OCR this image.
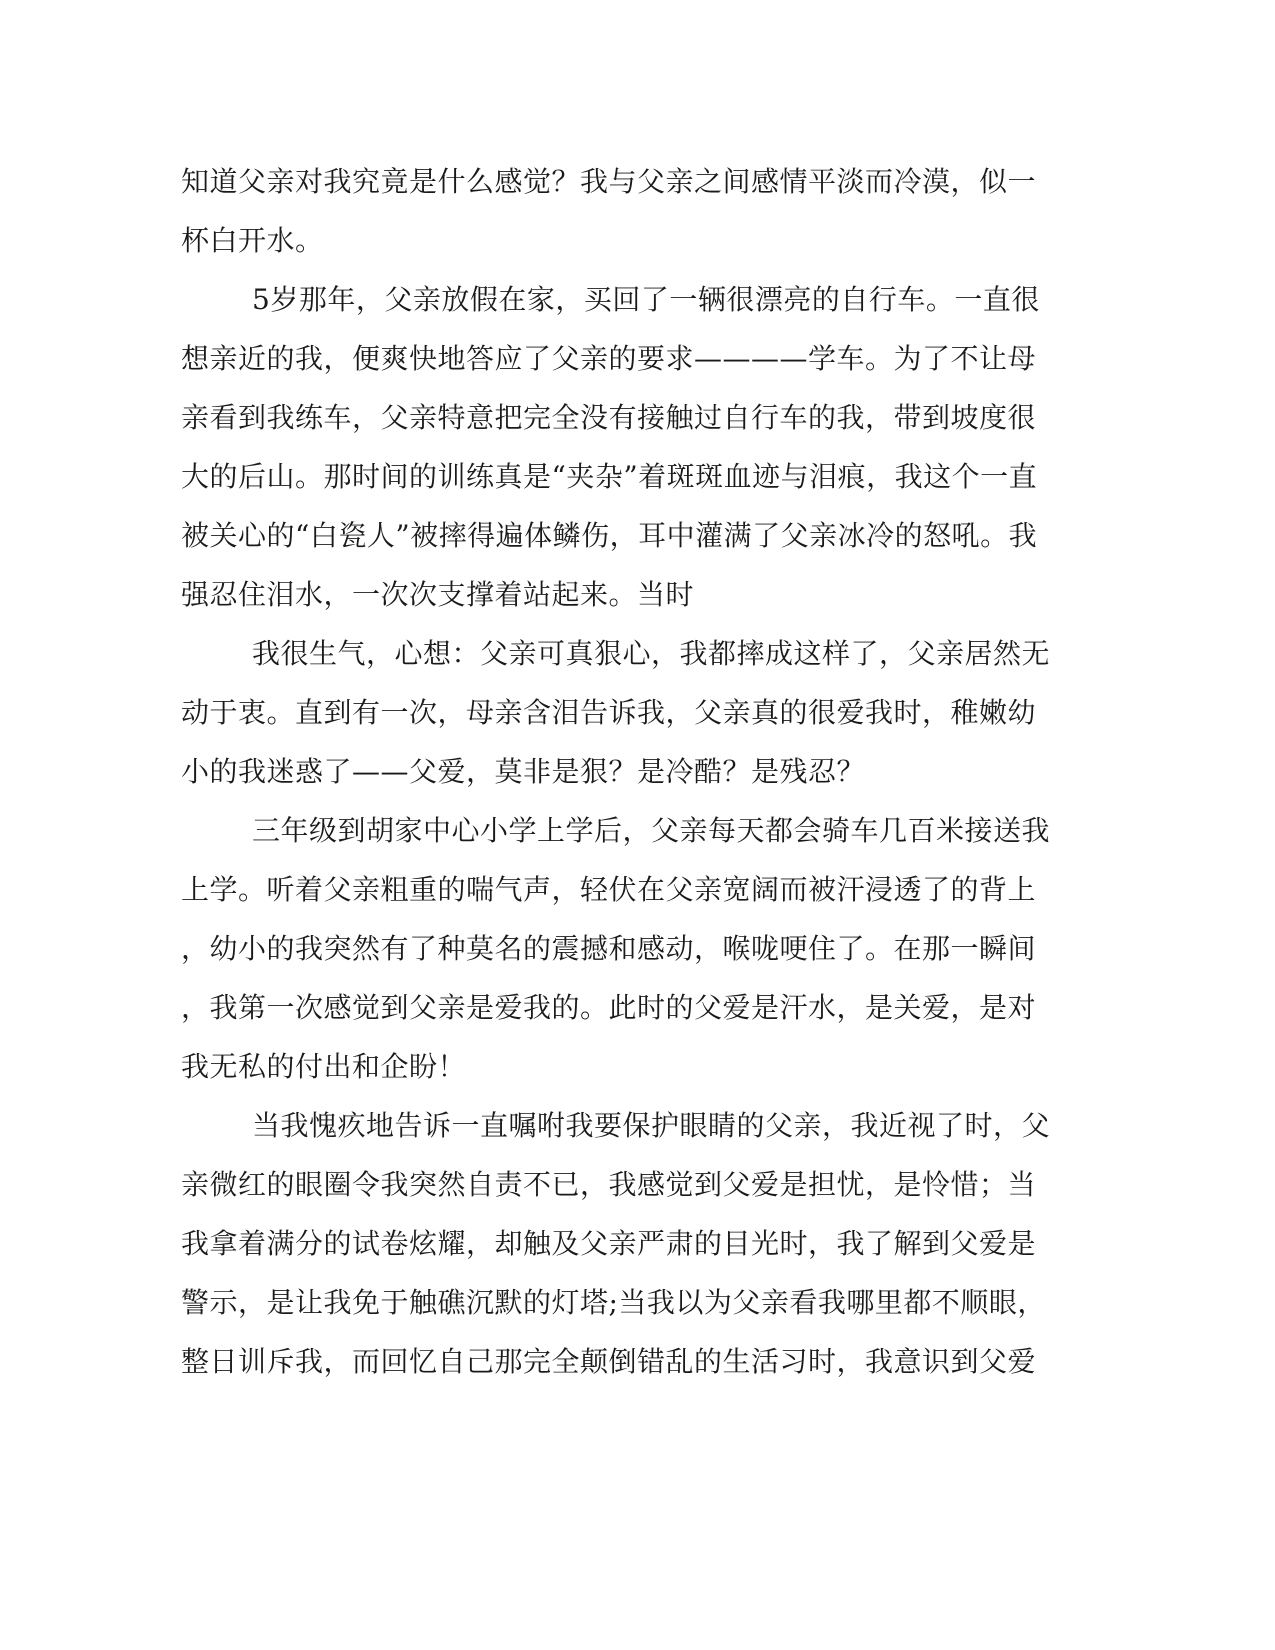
知道父亲对我究竟是什么感觉？我与父亲之间感情平淡而冷漠，似一
杯白开水。
5岁那年，父亲放假在家，买回了一辆很漂亮的自行车。一直很
想亲近的我，便爽快地答应了父亲的要求————学车。为了不让母
亲看到我练车，父亲特意把完全没有接触过自行车的我，带到坡度很
大的后山。那时间的训练真是“夹杂”着斑斑血迹与泪痕，我这个一直
被关心的“白瓷人”被摔得遍体鳞伤，耳中灌满了父亲冰冷的怒吼。我
强忍住泪水，一次次支撑着站起来。当时
我很生气，心想：父亲可真狠心，我都摔成这样了，父亲居然无
动于衷。直到有一次，母亲含泪告诉我，父亲真的很爱我时，稚嫩幼
小的我迷惑了——父爱，莫非是狠？是冷酷？是残忍？
三年级到胡家中心小学上学后，父亲每天都会骑车几百米接送我
上学。听着父亲粗重的喘气声，轻伏在父亲宽阔而被汗浸透了的背上
，幼小的我突然有了种莫名的震撼和感动，喉咙哽住了。在那一瞬间
，我第一次感觉到父亲是爱我的。此时的父爱是汗水，是关爱，是对
我无私的付出和企盼！
当我愧疚地告诉一直嘱咐我要保护眼睛的父亲，我近视了时，父
亲微红的眼圈令我突然自责不已，我感觉到父爱是担忧，是怜惜；当
我拿着满分的试卷炫耀，却触及父亲严肃的目光时，我了解到父爱是
警示，是让我免于触礁沉默的灯塔;当我以为父亲看我哪里都不顺眼，
整日训斥我，而回忆自己那完全颠倒错乱的生活习时，我意识到父爱
